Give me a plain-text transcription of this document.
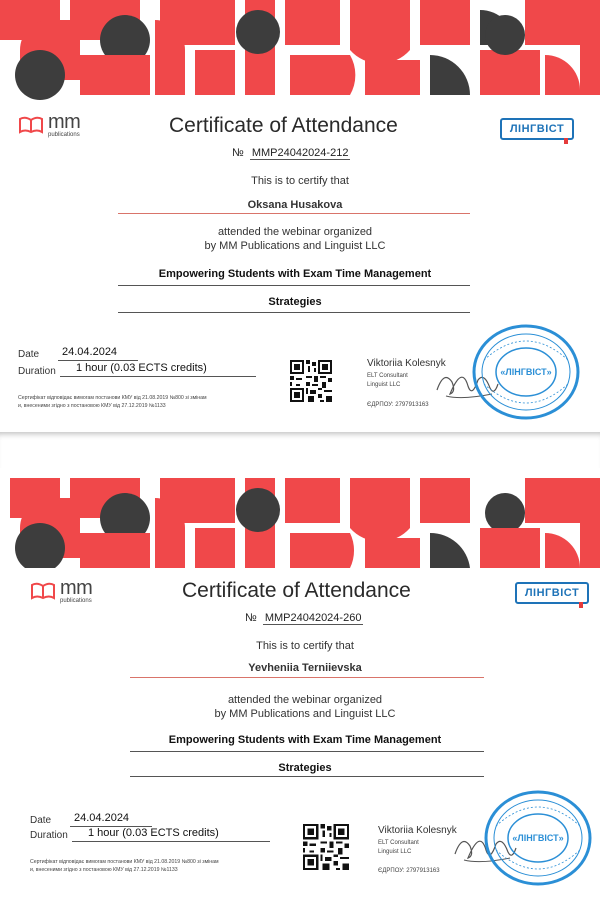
mm
publications	Certificate of Attendance	ЛІНГВІСТ
№ MMP24042024-212
This is to certify that
Oksana Husakova
attended the webinar organized
by MM Publications and Linguist LLC
Empowering Students with Exam Time Management
Strategies
Date 24.04.2024
Duration 1 hour (0.03 ECTS credits)
Сертифікат відповідає вимогам постанови КМУ від 21.08.2019 №800 зі змінам
и, внесеними згідно з постановою КМУ від 27.12.2019 №1133
Viktoriia Kolesnyk
ELT Consultant
Linguist LLC
ЄДРПОУ: 2797913163
«ЛІНГВІСТ»
mm
publications	Certificate of Attendance	ЛІНГВІСТ
№ MMP24042024-260
This is to certify that
Yevheniia Terniievska
attended the webinar organized
by MM Publications and Linguist LLC
Empowering Students with Exam Time Management
Strategies
Date 24.04.2024
Duration 1 hour (0.03 ECTS credits)
Сертифікат відповідає вимогам постанови КМУ від 21.08.2019 №800 зі змінам
и, внесеними згідно з постановою КМУ від 27.12.2019 №1133
Viktoriia Kolesnyk
ELT Consultant
Linguist LLC
ЄДРПОУ: 2797913163
«ЛІНГВІСТ»
